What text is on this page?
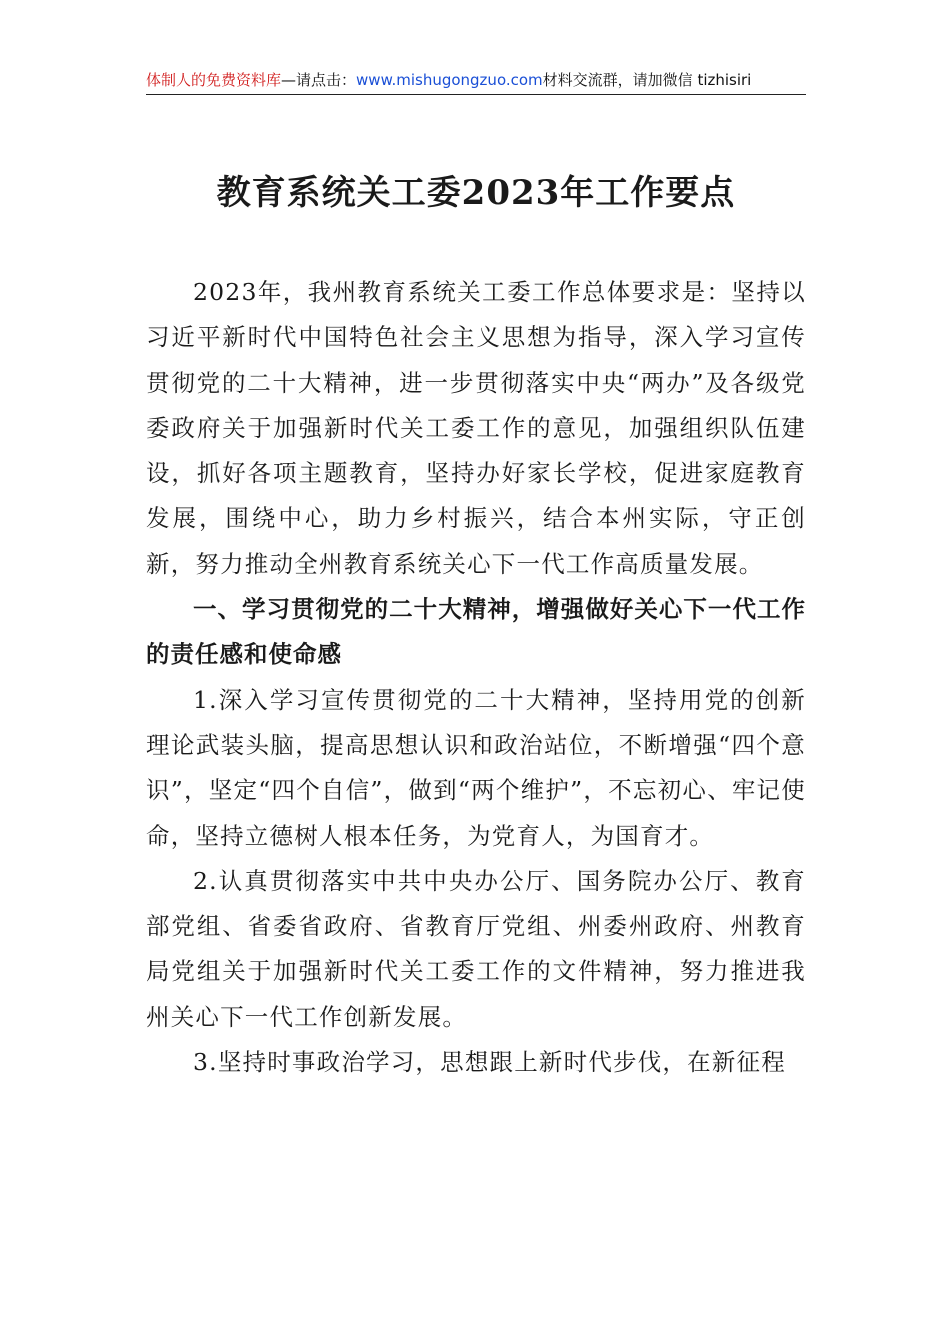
体制人的免费资料库—请点击：www.mishugongzuo.com材料交流群，请加微信 tizhisiri
教育系统关工委2023年工作要点

2023年，我州教育系统关工委工作总体要求是：坚持以习近平新时代中国特色社会主义思想为指导，深入学习宣传贯彻党的二十大精神，进一步贯彻落实中央“两办”及各级党委政府关于加强新时代关工委工作的意见，加强组织队伍建设，抓好各项主题教育，坚持办好家长学校，促进家庭教育发展，围绕中心，助力乡村振兴，结合本州实际，守正创新，努力推动全州教育系统关心下一代工作高质量发展。

一、学习贯彻党的二十大精神，增强做好关心下一代工作的责任感和使命感

1.深入学习宣传贯彻党的二十大精神，坚持用党的创新理论武装头脑，提高思想认识和政治站位，不断增强“四个意识”，坚定“四个自信”，做到“两个维护”，不忘初心、牢记使命，坚持立德树人根本任务，为党育人，为国育才。

2.认真贯彻落实中共中央办公厅、国务院办公厅、教育部党组、省委省政府、省教育厅党组、州委州政府、州教育局党组关于加强新时代关工委工作的文件精神，努力推进我州关心下一代工作创新发展。

3.坚持时事政治学习，思想跟上新时代步伐，在新征程
